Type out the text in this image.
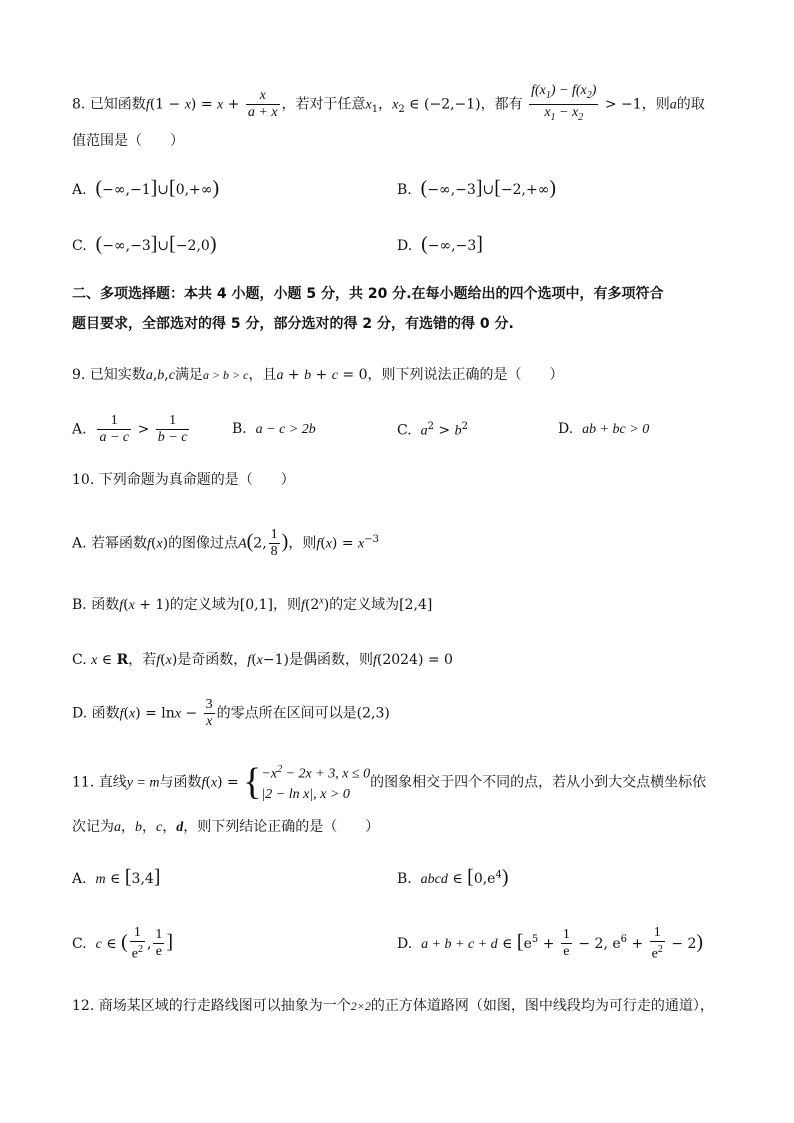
8. 已知函数$f(1 - x) = x + \frac{x}{a + x}$ ，若对于任意$x_1$，$x_2$ ∈ (−2,−1)，都有 $\frac{f(x_1) - f(x_2)}{x_1 - x_2} > -1$，则a的取
值范围是（　　）
A. (−∞,−1]∪[0,+∞)	B. (−∞,−3]∪[−2,+∞)
C. (−∞,−3]∪[−2,0)	D. (−∞,−3]
二、多项选择题：本共 4 小题，小题 5 分，共 20 分.在每小题给出的四个选项中，有多项符合
题目要求，全部选对的得 5 分，部分选对的得 2 分，有选错的得 0 分.
9. 已知实数a,b,c满足a > b > c，且a + b + c = 0，则下列说法正确的是（　　）
A. $\frac{1}{a - c} > \frac{1}{b - c}$	B. a − c > 2b	C. $a^2 > b^2$	D. ab + bc > 0
10. 下列命题为真命题的是（　　）
A. 若幂函数f(x)的图像过点A(2, $\frac{1}{8}$ )，则$f(x) = x^{-3}$
B. 函数f(x + 1)的定义域为[0,1]，则f(2$^x$)的定义域为[2,4]
C. x ∈ R，若f(x)是奇函数，f(x−1)是偶函数，则f(2024) = 0
D. 函数$f(x) = \ln x - \frac{3}{x}$ 的零点所在区间可以是(2,3)
11. 直线y = m与函数f(x) = { $-x^2 - 2x + 3$, x ≤ 0
|2 − ln x|, x > 0
的图象相交于四个不同的点，若从小到大交点横坐标依
次记为a，b，c，d，则下列结论正确的是（　　）
A. m ∈ [3,4]	B. abcd ∈ $[0,e^4)$
C. c ∈ ( $\frac{1}{e^2}$ , $\frac{1}{e}$ ]	D. a + b + c + d ∈ [$e^5 + \frac{1}{e} - 2$, $e^6 + \frac{1}{e^2} - 2$)
12. 商场某区域的行走路线图可以抽象为一个2×2的正方体道路网（如图，图中线段均为可行走的通道），
